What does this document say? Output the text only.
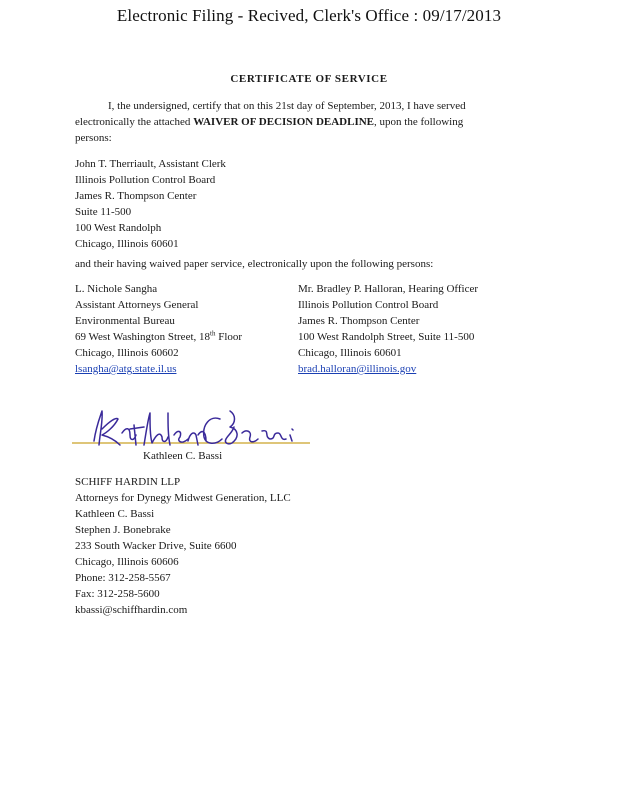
Electronic Filing - Recived, Clerk's Office : 09/17/2013
CERTIFICATE OF SERVICE
I, the undersigned, certify that on this 21st day of September, 2013, I have served
electronically the attached WAIVER OF DECISION DEADLINE, upon the following
persons:
John T. Therriault, Assistant Clerk
Illinois Pollution Control Board
James R. Thompson Center
Suite 11-500
100 West Randolph
Chicago, Illinois 60601
and their having waived paper service, electronically upon the following persons:
L. Nichole Sangha
Assistant Attorneys General
Environmental Bureau
69 West Washington Street, 18th Floor
Chicago, Illinois 60602
lsangha@atg.state.il.us
Mr. Bradley P. Halloran, Hearing Officer
Illinois Pollution Control Board
James R. Thompson Center
100 West Randolph Street, Suite 11-500
Chicago, Illinois 60601
brad.halloran@illinois.gov
Kathleen C. Bassi
SCHIFF HARDIN LLP
Attorneys for Dynegy Midwest Generation, LLC
Kathleen C. Bassi
Stephen J. Bonebrake
233 South Wacker Drive, Suite 6600
Chicago, Illinois 60606
Phone: 312-258-5567
Fax: 312-258-5600
kbassi@schiffhardin.com
